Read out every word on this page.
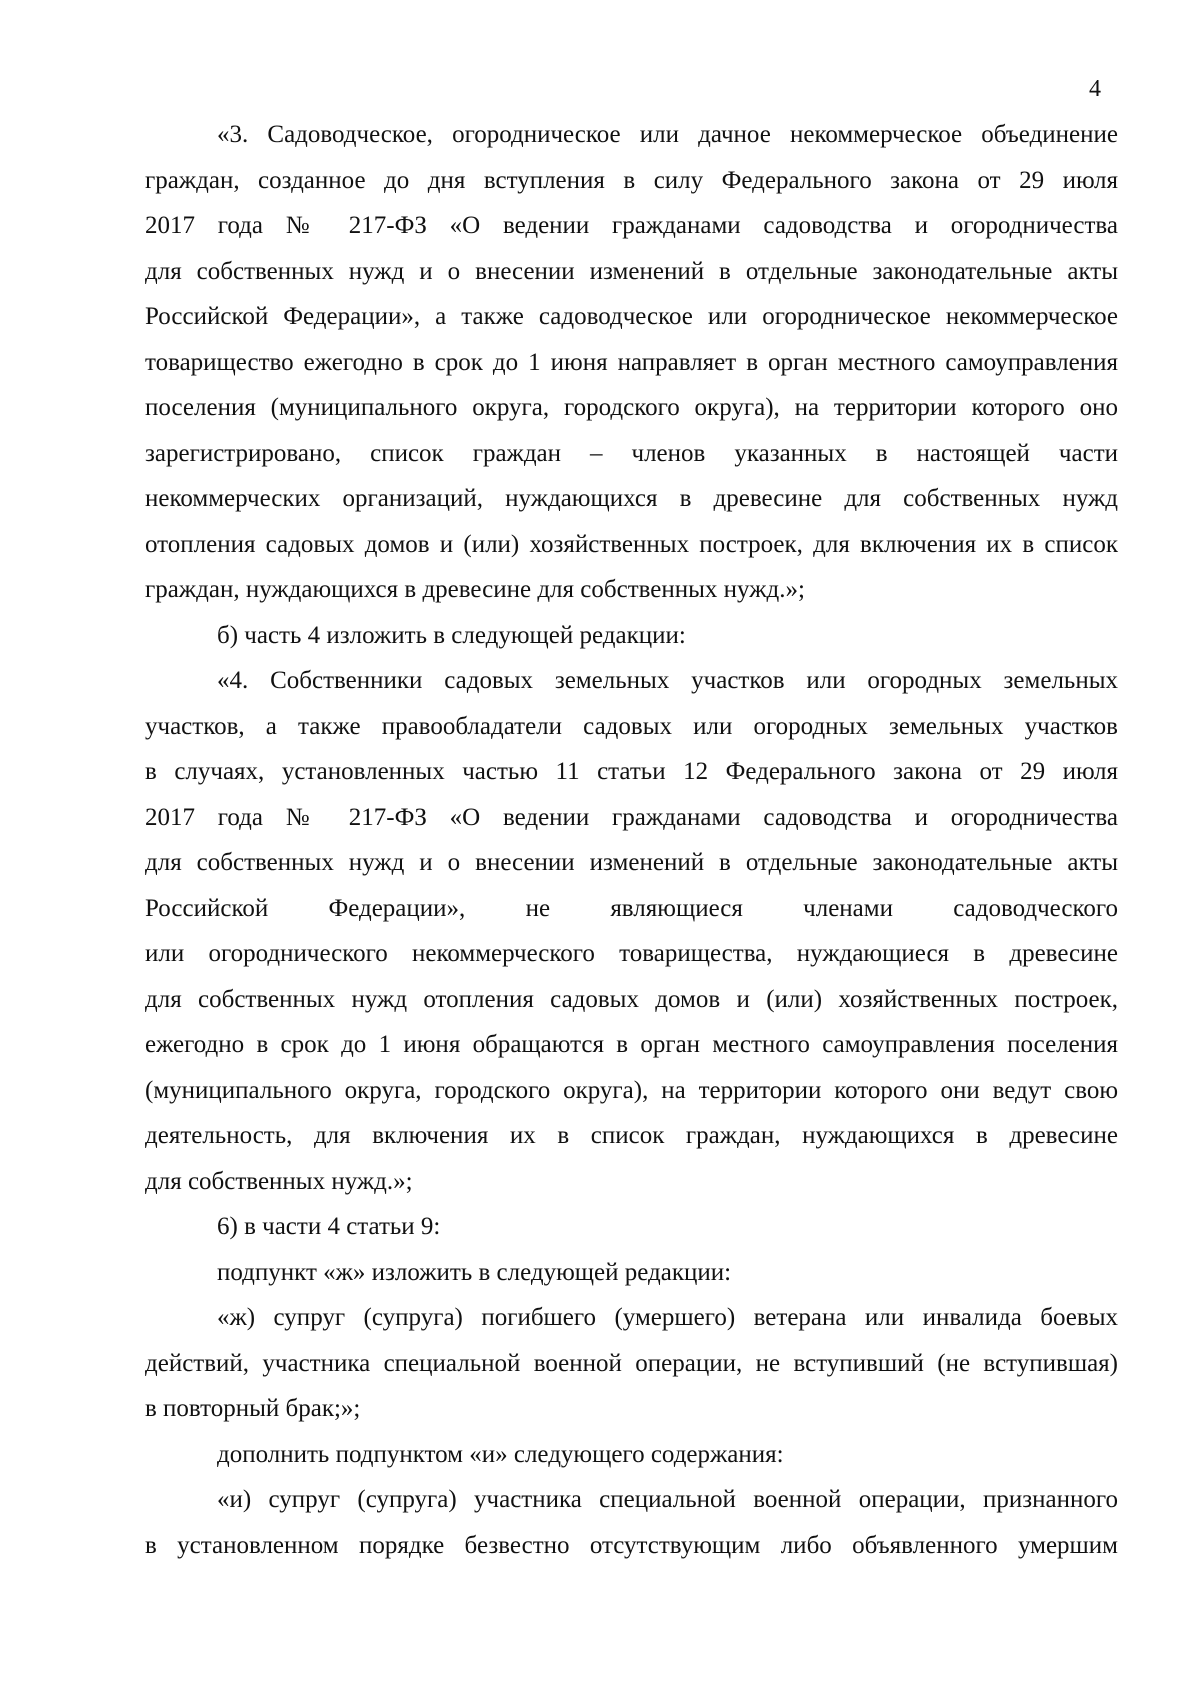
4

«3. Садоводческое, огородническое или дачное некоммерческое объединение
граждан, созданное до дня вступления в силу Федерального закона от 29 июля
2017 года № 217-ФЗ «О ведении гражданами садоводства и огородничества
для собственных нужд и о внесении изменений в отдельные законодательные акты
Российской Федерации», а также садоводческое или огородническое некоммерческое
товарищество ежегодно в срок до 1 июня направляет в орган местного самоуправления
поселения (муниципального округа, городского округа), на территории которого оно
зарегистрировано, список граждан – членов указанных в настоящей части
некоммерческих организаций, нуждающихся в древесине для собственных нужд
отопления садовых домов и (или) хозяйственных построек, для включения их в список
граждан, нуждающихся в древесине для собственных нужд.»;

б) часть 4 изложить в следующей редакции:

«4. Собственники садовых земельных участков или огородных земельных
участков, а также правообладатели садовых или огородных земельных участков
в случаях, установленных частью 11 статьи 12 Федерального закона от 29 июля
2017 года № 217-ФЗ «О ведении гражданами садоводства и огородничества
для собственных нужд и о внесении изменений в отдельные законодательные акты
Российской Федерации», не являющиеся членами садоводческого
или огороднического некоммерческого товарищества, нуждающиеся в древесине
для собственных нужд отопления садовых домов и (или) хозяйственных построек,
ежегодно в срок до 1 июня обращаются в орган местного самоуправления поселения
(муниципального округа, городского округа), на территории которого они ведут свою
деятельность, для включения их в список граждан, нуждающихся в древесине
для собственных нужд.»;

6) в части 4 статьи 9:

подпункт «ж» изложить в следующей редакции:

«ж) супруг (супруга) погибшего (умершего) ветерана или инвалида боевых
действий, участника специальной военной операции, не вступивший (не вступившая)
в повторный брак;»;

дополнить подпунктом «и» следующего содержания:

«и) супруг (супруга) участника специальной военной операции, признанного
в установленном порядке безвестно отсутствующим либо объявленного умершим
